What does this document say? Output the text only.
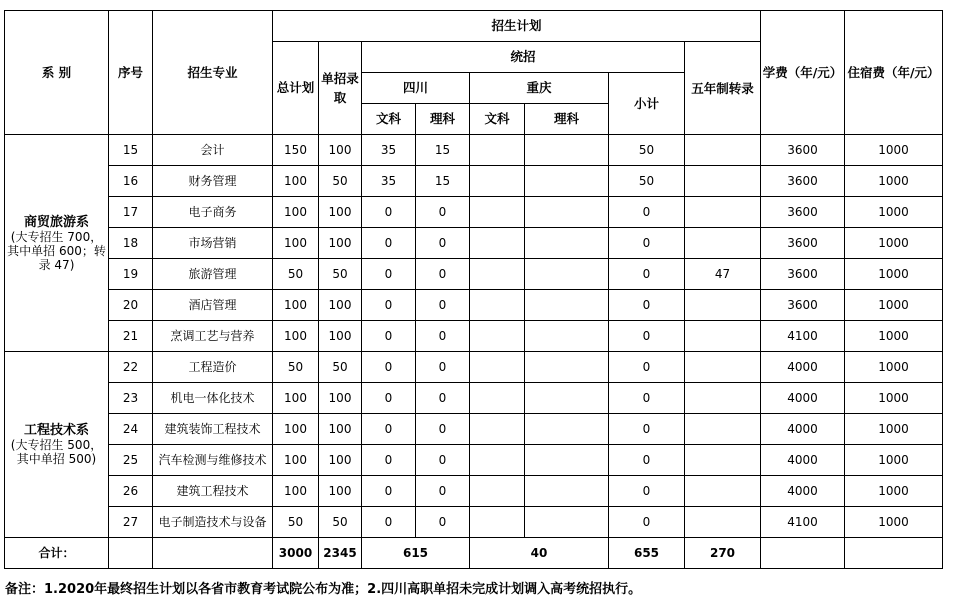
系 别	序号	招生专业	招生计划								学费（年/元）	住宿费（年/元）
			总计划	单招录取	统招					五年制转录		
					四川		重庆		小计			
					文科	理科	文科	理科				
商贸旅游系
(大专招生 700，其中单招 600；转录 47)	15	会计	150	100	35	15			50		3600	1000
	16	财务管理	100	50	35	15			50		3600	1000
	17	电子商务	100	100	0	0			0		3600	1000
	18	市场营销	100	100	0	0			0		3600	1000
	19	旅游管理	50	50	0	0			0	47	3600	1000
	20	酒店管理	100	100	0	0			0		3600	1000
	21	烹调工艺与营养	100	100	0	0			0		4100	1000
工程技术系
(大专招生 500，其中单招 500)	22	工程造价	50	50	0	0			0		4000	1000
	23	机电一体化技术	100	100	0	0			0		4000	1000
	24	建筑装饰工程技术	100	100	0	0			0		4000	1000
	25	汽车检测与维修技术	100	100	0	0			0		4000	1000
	26	建筑工程技术	100	100	0	0			0		4000	1000
	27	电子制造技术与设备	50	50	0	0			0		4100	1000
合计：			3000	2345	615		40		655	270		
备注：1.2020年最终招生计划以各省市教育考试院公布为准；2.四川高职单招未完成计划调入高考统招执行。
